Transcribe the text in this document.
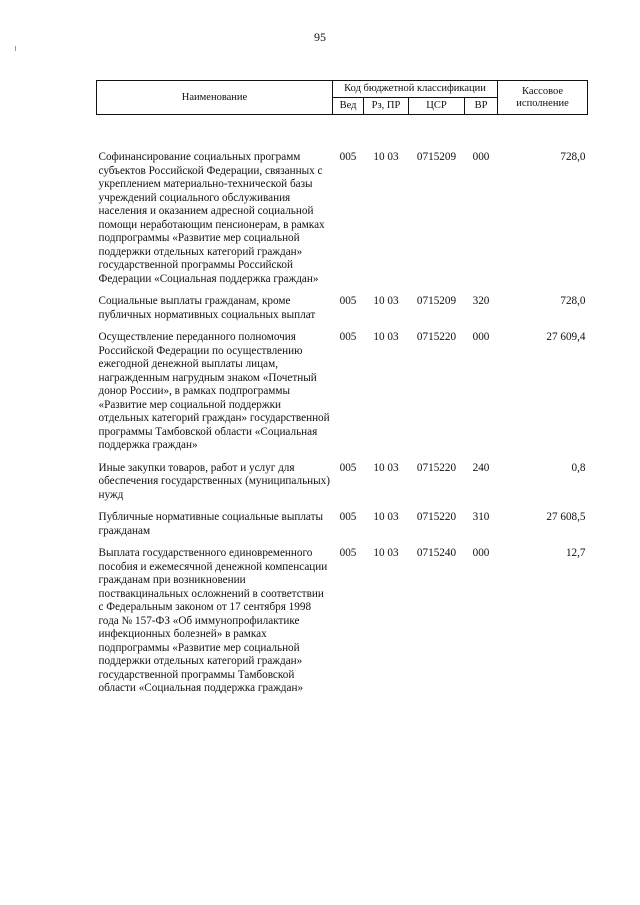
95
Наименование	Код бюджетной классификации				Кассовое исполнение
	Вед	Рз, ПР	ЦСР	ВР	
Софинансирование социальных программ субъектов Российской Федерации, связанных с укреплением материально-технической базы учреждений социального обслуживания населения и оказанием адресной социальной помощи неработающим пенсионерам, в рамках подпрограммы «Развитие мер социальной поддержки отдельных категорий граждан» государственной программы Российской Федерации «Социальная поддержка граждан»	005	10 03	0715209	000	728,0
Социальные выплаты гражданам, кроме публичных нормативных социальных выплат	005	10 03	0715209	320	728,0
Осуществление переданного полномочия Российской Федерации по осуществлению ежегодной денежной выплаты лицам, награжденным нагрудным знаком «Почетный донор России», в рамках подпрограммы «Развитие мер социальной поддержки отдельных категорий граждан» государственной программы Тамбовской области «Социальная поддержка граждан»	005	10 03	0715220	000	27 609,4
Иные закупки товаров, работ и услуг для обеспечения государственных (муниципальных) нужд	005	10 03	0715220	240	0,8
Публичные нормативные социальные выплаты гражданам	005	10 03	0715220	310	27 608,5
Выплата государственного единовременного пособия и ежемесячной денежной компенсации гражданам при возникновении поствакцинальных осложнений в соответствии с Федеральным законом от 17 сентября 1998 года № 157-ФЗ «Об иммунопрофилактике инфекционных болезней» в рамках подпрограммы «Развитие мер социальной поддержки отдельных категорий граждан» государственной программы Тамбовской области «Социальная поддержка граждан»	005	10 03	0715240	000	12,7
